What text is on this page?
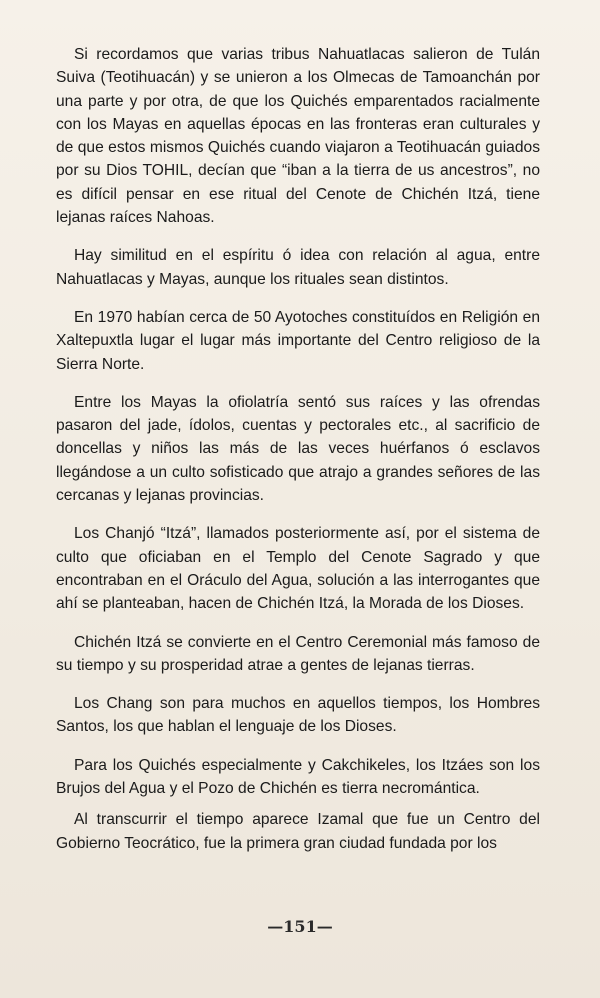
Si recordamos que varias tribus Nahuatlacas salieron de Tulán Suiva (Teotihuacán) y se unieron a los Olmecas de Tamoanchán por una parte y por otra, de que los Quichés emparentados racialmente con los Mayas en aquellas épocas en las fronteras eran culturales y de que estos mismos Quichés cuando viajaron a Teotihuacán guiados por su Dios TOHIL, decían que “iban a la tierra de us ancestros”, no es difícil pensar en ese ritual del Cenote de Chichén Itzá, tiene lejanas raíces Nahoas.

Hay similitud en el espíritu ó idea con relación al agua, entre Nahuatlacas y Mayas, aunque los rituales sean distintos.

En 1970 habían cerca de 50 Ayotoches constituídos en Religión en Xaltepuxtla lugar el lugar más importante del Centro religioso de la Sierra Norte.

Entre los Mayas la ofiolatría sentó sus raíces y las ofrendas pasaron del jade, ídolos, cuentas y pectorales etc., al sacrificio de doncellas y niños las más de las veces huérfanos ó esclavos llegándose a un culto sofisticado que atrajo a grandes señores de las cercanas y lejanas provincias.

Los Chanjó “Itzá”, llamados posteriormente así, por el sistema de culto que oficiaban en el Templo del Cenote Sagrado y que encontraban en el Oráculo del Agua, solución a las interrogantes que ahí se planteaban, hacen de Chichén Itzá, la Morada de los Dioses.

Chichén Itzá se convierte en el Centro Ceremonial más famoso de su tiempo y su prosperidad atrae a gentes de lejanas tierras.

Los Chang son para muchos en aquellos tiempos, los Hombres Santos, los que hablan el lenguaje de los Dioses.

Para los Quichés especialmente y Cakchikeles, los Itzáes son los Brujos del Agua y el Pozo de Chichén es tierra necromántica.

Al transcurrir el tiempo aparece Izamal que fue un Centro del Gobierno Teocrático, fue la primera gran ciudad fundada por los

—151—
